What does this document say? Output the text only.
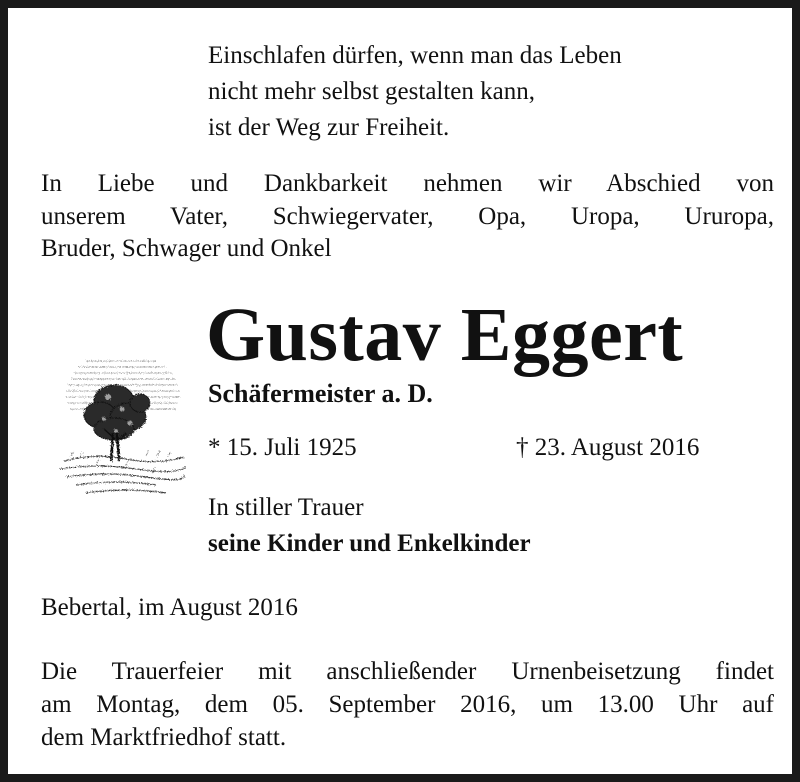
Einschlafen dürfen, wenn man das Leben
nicht mehr selbst gestalten kann,
ist der Weg zur Freiheit.
In Liebe und Dankbarkeit nehmen wir Abschied von
unserem Vater, Schwiegervater, Opa, Uropa, Ururopa,
Bruder, Schwager und Onkel
Gustav Eggert
Schäfermeister a. D.
* 15. Juli 1925	† 23. August 2016
In stiller Trauer
seine Kinder und Enkelkinder
Bebertal, im August 2016
Die Trauerfeier mit anschließender Urnenbeisetzung findet
am Montag, dem 05. September 2016, um 13.00 Uhr auf
dem Marktfriedhof statt.
